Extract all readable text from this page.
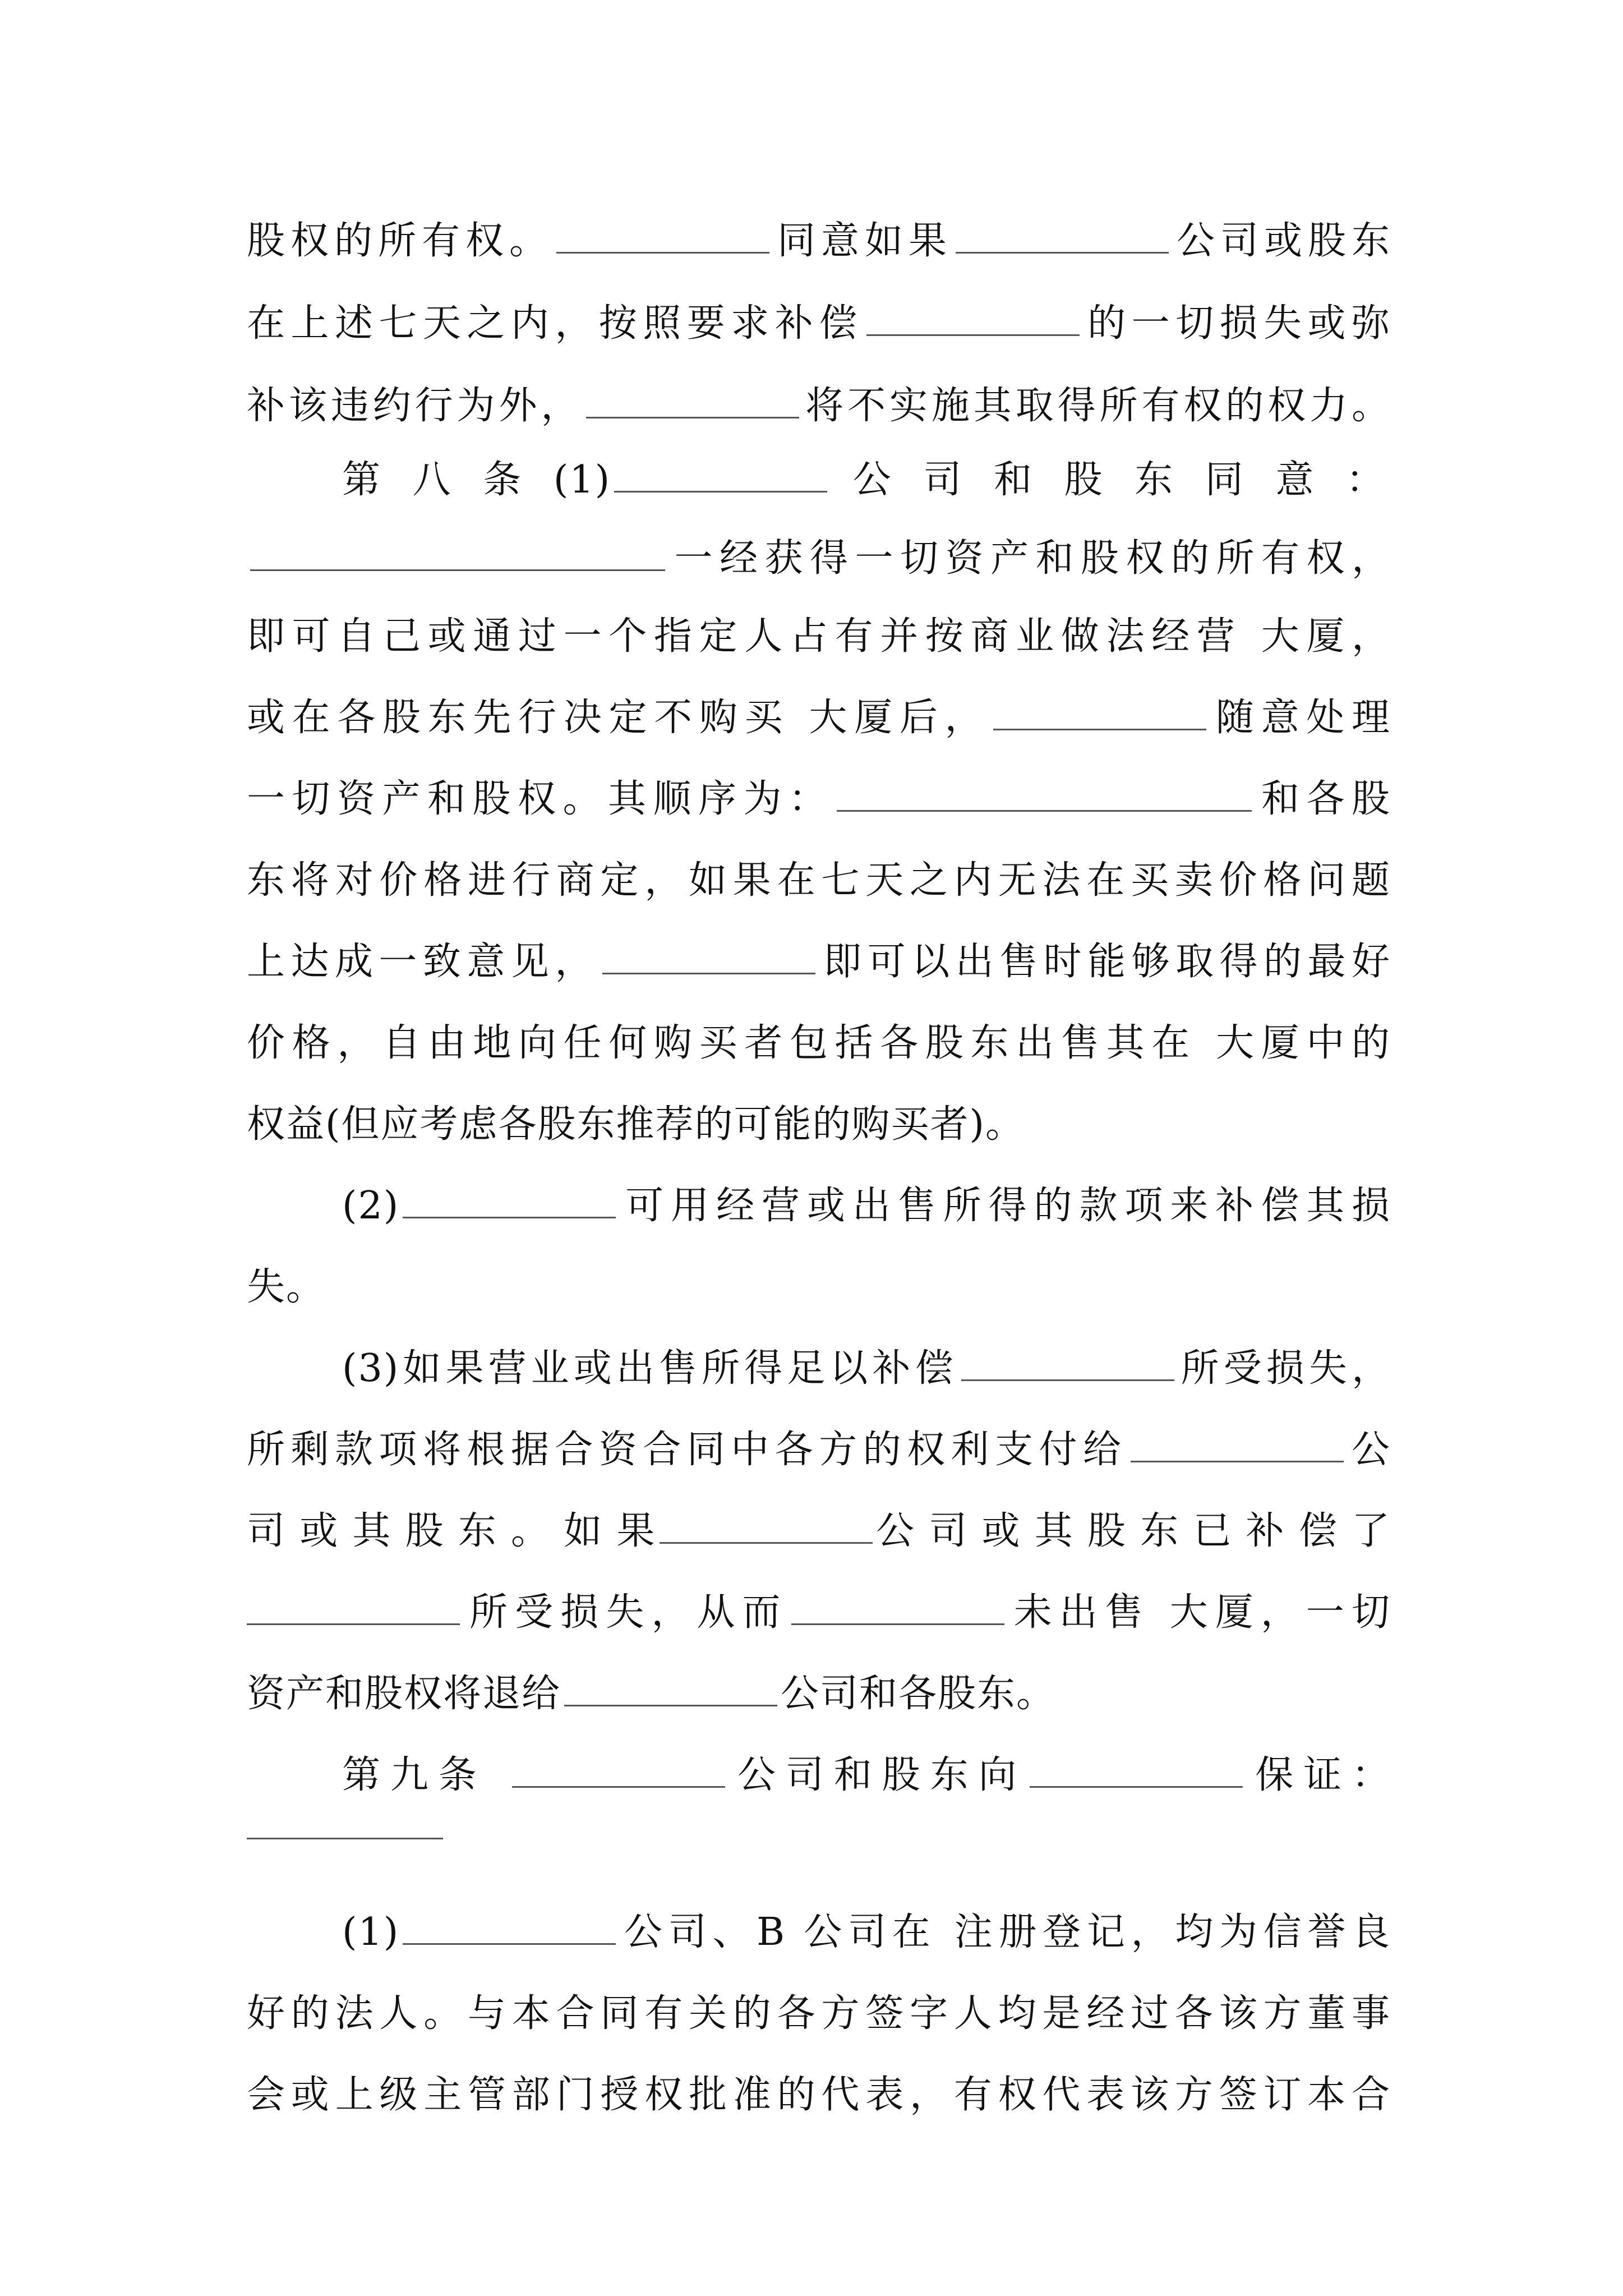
股权的所有权。	同意如果	公司或股东
在上述七天之内，按照要求补偿	的一切损失或弥
补该违约行为外，	将不实施其取得所有权的权力。
第 八 条 (1)	公 司 和 股 东 同 意 ：
一经获得一切资产和股权的所有权，
即可自己或通过一个指定人占有并按商业做法经营 大厦，
或在各股东先行决定不购买 大厦后，	随意处理
一切资产和股权。其顺序为：	和各股
东将对价格进行商定，如果在七天之内无法在买卖价格问题
上达成一致意见，	即可以出售时能够取得的最好
价格，自由地向任何购买者包括各股东出售其在 大厦中的
权益(但应考虑各股东推荐的可能的购买者)。
(2)	可用经营或出售所得的款项来补偿其损
失。
(3)如果营业或出售所得足以补偿	所受损失，
所剩款项将根据合资合同中各方的权利支付给	公
司 或 其 股 东 。 如 果	公 司 或 其 股 东 已 补 偿 了
所受损失，从而	未出售 大厦，一切
资产和股权将退给	公司和各股东。
第九条	公司和股东向	保证：
(1)	公司、B 公司在 注册登记，均为信誉良
好的法人。与本合同有关的各方签字人均是经过各该方董事
会或上级主管部门授权批准的代表，有权代表该方签订本合
